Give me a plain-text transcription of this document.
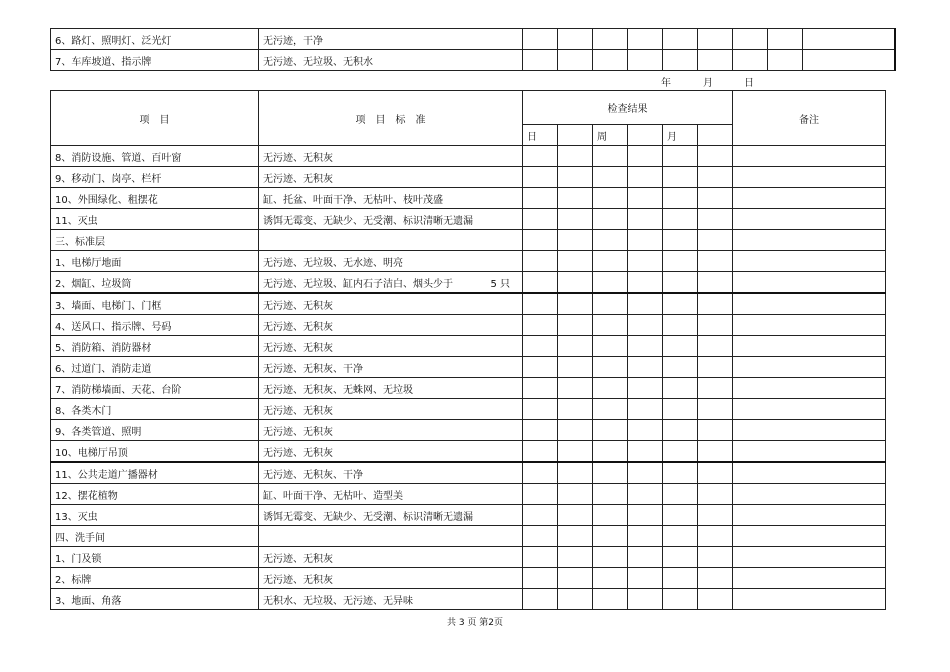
6、路灯、照明灯、泛光灯	无污迹，干净									
7、车库坡道、指示牌	无污迹、无垃圾、无积水									
年	月	日
项　目	项　目　标　准	检查结果						备注
		日		周		月		
8、消防设施、管道、百叶窗	无污迹、无积灰							
9、移动门、岗亭、栏杆	无污迹、无积灰							
10、外围绿化、租摆花	缸、托盆、叶面干净、无枯叶、枝叶茂盛							
11、灭虫	诱饵无霉变、无缺少、无受潮、标识清晰无遗漏							
三、标准层								
1、电梯厅地面	无污迹、无垃圾、无水迹、明亮							
2、烟缸、垃圾筒	无污迹、无垃圾、缸内石子洁白、烟头少于 5 只							

3、墙面、电梯门、门框	无污迹、无积灰							
4、送风口、指示牌、号码	无污迹、无积灰							
5、消防箱、消防器材	无污迹、无积灰							
6、过道门、消防走道	无污迹、无积灰、干净							
7、消防梯墙面、天花、台阶	无污迹、无积灰、无蛛网、无垃圾							
8、各类木门	无污迹、无积灰							
9、各类管道、照明	无污迹、无积灰							
10、电梯厅吊顶	无污迹、无积灰							
11、公共走道广播器材	无污迹、无积灰、干净							
12、摆花植物	缸、叶面干净、无枯叶、造型美							
13、灭虫	诱饵无霉变、无缺少、无受潮、标识清晰无遗漏							
四、洗手间								
1、门及锁	无污迹、无积灰							
2、标牌	无污迹、无积灰							
3、地面、角落	无积水、无垃圾、无污迹、无异味							
共 3 页 第2页
